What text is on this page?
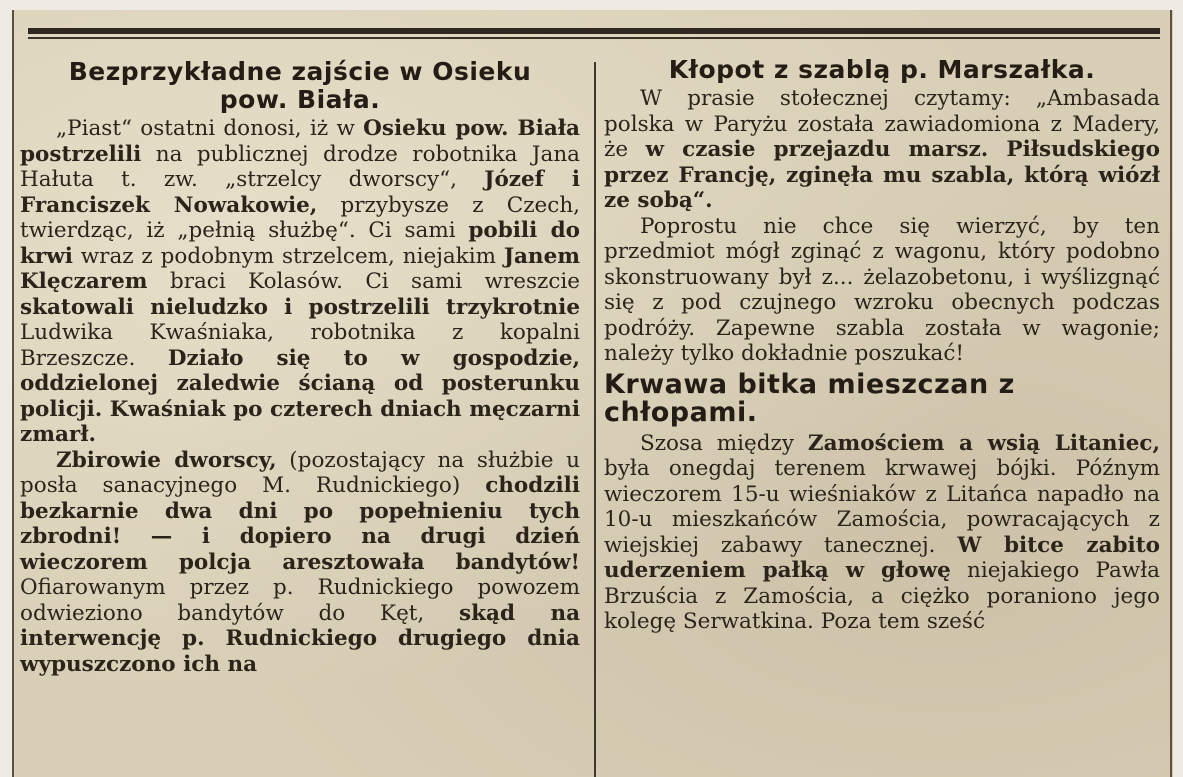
Bezprzykładne zajście w Osieku
pow. Biała.

„Piast“ ostatni donosi, iż w Osieku pow. Biała postrzelili na publicznej drodze robotnika Jana Hałuta t. zw. „strzelcy dworscy“, Józef i Franciszek Nowakowie, przybysze z Czech, twierdząc, iż „pełnią służbę“. Ci sami pobili do krwi wraz z podobnym strzelcem, niejakim Janem Klęczarem braci Kolasów. Ci sami wreszcie skatowali nieludzko i postrzelili trzykrotnie Ludwika Kwaśniaka, robotnika z kopalni Brzeszcze. Działo się to w gospodzie, oddzielonej zaledwie ścianą od posterunku policji. Kwaśniak po czterech dniach męczarni zmarł.

Zbirowie dworscy, (pozostający na służbie u posła sanacyjnego M. Rudnickiego) chodzili bezkarnie dwa dni po popełnieniu tych zbrodni! — i dopiero na drugi dzień wieczorem polcja aresztowała bandytów! Ofiarowanym przez p. Rudnickiego powozem odwieziono bandytów do Kęt, skąd na interwencję p. Rudnickiego drugiego dnia wypuszczono ich na

Kłopot z szablą p. Marszałka.

W prasie stołecznej czytamy: „Ambasada polska w Paryżu została zawiadomiona z Madery, że w czasie przejazdu marsz. Piłsudskiego przez Francję, zginęła mu szabla, którą wiózł ze sobą“.

Poprostu nie chce się wierzyć, by ten przedmiot mógł zginąć z wagonu, który podobno skonstruowany był z... żelazobetonu, i wyślizgnąć się z pod czujnego wzroku obecnych podczas podróży. Zapewne szabla została w wagonie; należy tylko dokładnie poszukać!

Krwawa bitka mieszczan z chłopami.

Szosa między Zamościem a wsią Litaniec, była onegdaj terenem krwawej bójki. Późnym wieczorem 15-u wieśniaków z Litańca napadło na 10-u mieszkańców Zamościa, powracających z wiejskiej zabawy tanecznej. W bitce zabito uderzeniem pałką w głowę niejakiego Pawła Brzuścia z Zamościa, a ciężko poraniono jego kolegę Serwatkina. Poza tem sześć
